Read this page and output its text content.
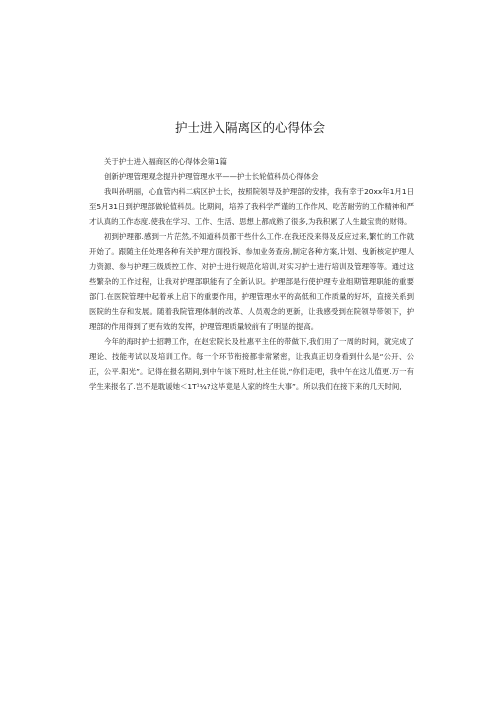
护士进入隔离区的心得体会

关于护士进入福商区的心得体会第1篇

创新护理管理观念提升护理管理水平——护士长轮值科员心得体会

我叫孙明丽，心血管内科二病区护士长，按照院领导及护理部的安排，我有幸于20xx年1月1日至5月31日到护理部做轮值科员。比期间，培养了我科学严谨的工作作风、吃苦耐劳的工作精神和严才认真的工作态度.使我在学习、工作、生活、思想上都成熟了很多,为我积累了人生最宝贵的财得。

初到护理都.感到一片茫然,不知道科员都干些什么工作.在我还没来得及反应过来,繁忙的工作就开始了。跟随主任处理各种有关护理方面投诉、参加业务查房,制定各种方案,计划、曳新核定护理人力资源、参与护理三级质控工作、对护士进行规范化培训,对实习护士进行培训及管理等等。通过这些繁杂的工作过程，让我对护理部职能有了全新认识。护理部是行使护理专业组期管理职能的重要部门.在医院管理中起着承上启下的重要作用，护理管理水平的高低和工作质量的好坏，直接关系到医院的生存和发展。随着我院管理体制的改革、人员观念的更新，让我感受到在院领导带领下，护理部的作用得到了更有效的发挥，护理管理质量较前有了明显的提高。

今年的海时护士招聘工作，在赵宏院长及杜惠平主任的带做下,我们用了一周的时间，就完成了理论、技能考试以及培训工作。每一个环节衔接都非常紧密，让我真正切身看到什么是“公开、公正，公平.阳光”。记得在报名期间,到中午该下班时,杜主任说,“你们走吧，我中午在这儿值更.万一有学生来报名了.岂不是耽谖她＜1T¹¼?这毕竟是人家的终生大事”。所以我们在接下来的几天时间,
